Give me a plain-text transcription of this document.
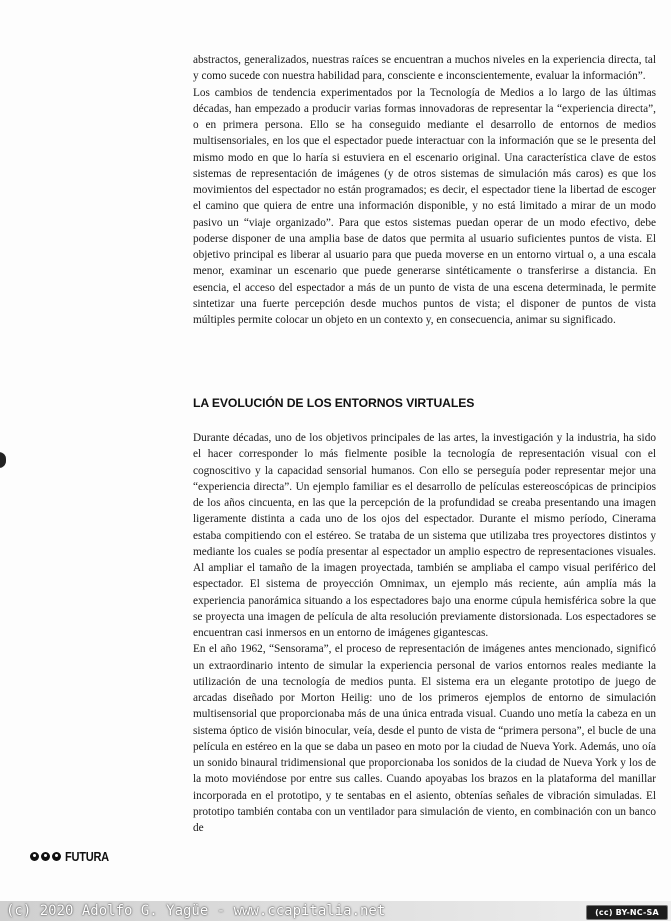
abstractos, generalizados, nuestras raíces se encuentran a muchos niveles en la experiencia directa, tal y como sucede con nuestra habilidad para, consciente e inconscientemente, evaluar la información”.

Los cambios de tendencia experimentados por la Tecnología de Medios a lo largo de las últimas décadas, han empezado a producir varias formas innovadoras de representar la “experiencia directa”, o en primera persona. Ello se ha conseguido mediante el desarrollo de entornos de medios multisensoriales, en los que el espectador puede interactuar con la información que se le presenta del mismo modo en que lo haría si estuviera en el escenario original. Una característica clave de estos sistemas de representación de imágenes (y de otros sistemas de simulación más caros) es que los movimientos del espectador no están programados; es decir, el espectador tiene la libertad de escoger el camino que quiera de entre una información disponible, y no está limitado a mirar de un modo pasivo un “viaje organizado”. Para que estos sistemas puedan operar de un modo efectivo, debe poderse disponer de una amplia base de datos que permita al usuario suficientes puntos de vista. El objetivo principal es liberar al usuario para que pueda moverse en un entorno virtual o, a una escala menor, examinar un escenario que puede generarse sintéticamente o transferirse a distancia. En esencia, el acceso del espectador a más de un punto de vista de una escena determinada, le permite sintetizar una fuerte percepción desde muchos puntos de vista; el disponer de puntos de vista múltiples permite colocar un objeto en un contexto y, en consecuencia, animar su significado.

LA EVOLUCIÓN DE LOS ENTORNOS VIRTUALES

Durante décadas, uno de los objetivos principales de las artes, la investigación y la industria, ha sido el hacer corresponder lo más fielmente posible la tecnología de representación visual con el cognoscitivo y la capacidad sensorial humanos. Con ello se perseguía poder representar mejor una “experiencia directa”. Un ejemplo familiar es el desarrollo de películas estereoscópicas de principios de los años cincuenta, en las que la percepción de la profundidad se creaba presentando una imagen ligeramente distinta a cada uno de los ojos del espectador. Durante el mismo período, Cinerama estaba compitiendo con el estéreo. Se trataba de un sistema que utilizaba tres proyectores distintos y mediante los cuales se podía presentar al espectador un amplio espectro de representaciones visuales. Al ampliar el tamaño de la imagen proyectada, también se ampliaba el campo visual periférico del espectador. El sistema de proyección Omnimax, un ejemplo más reciente, aún amplía más la experiencia panorámica situando a los espectadores bajo una enorme cúpula hemisférica sobre la que se proyecta una imagen de película de alta resolución previamente distorsionada. Los espectadores se encuentran casi inmersos en un entorno de imágenes gigantescas.

En el año 1962, “Sensorama”, el proceso de representación de imágenes antes mencionado, significó un extraordinario intento de simular la experiencia personal de varios entornos reales mediante la utilización de una tecnología de medios punta. El sistema era un elegante prototipo de juego de arcadas diseñado por Morton Heilig: uno de los primeros ejemplos de entorno de simulación multisensorial que proporcionaba más de una única entrada visual. Cuando uno metía la cabeza en un sistema óptico de visión binocular, veía, desde el punto de vista de “primera persona”, el bucle de una película en estéreo en la que se daba un paseo en moto por la ciudad de Nueva York. Además, uno oía un sonido binaural tridimensional que proporcionaba los sonidos de la ciudad de Nueva York y los de la moto moviéndose por entre sus calles. Cuando apoyabas los brazos en la plataforma del manillar incorporada en el prototipo, y te sentabas en el asiento, obtenías señales de vibración simuladas. El prototipo también contaba con un ventilador para simulación de viento, en combinación con un banco de

FUTURA
(c) 2020 Adolfo G. Yagüe - www.ccapitalia.net	(cc) BY-NC-SA
